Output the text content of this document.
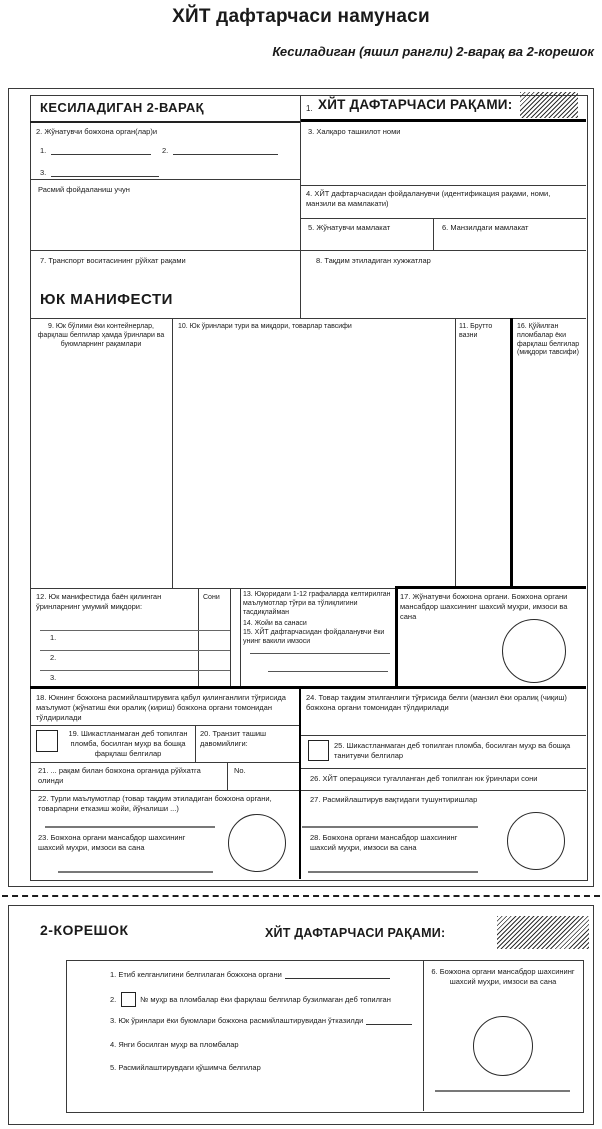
ХЙТ дафтарчаси намунаси
Кесиладиган (яшил рангли) 2-варақ ва 2-корешок
КЕСИЛАДИГАН 2-ВАРАҚ	1. ХЙТ ДАФТАРЧАСИ РАҚАМИ:
2. Жўнатувчи божхона орган(лар)и
1.	2.
3.
Расмий фойдаланиш учун
3. Халқаро ташкилот номи
4. ХЙТ дафтарчасидан фойдаланувчи (идентификация рақами, номи, манзили ва мамлакати)
5. Жўнатувчи мамлакат	6. Манзилдаги мамлакат
7. Транспорт воситасининг рўйхат рақами	8. Тақдим этиладиган хужжатлар
ЮК МАНИФЕСТИ
9. Юк бўлими ёки контейнерлар, фарқлаш белгилар ҳамда ўринлари ва буюмларнинг рақамлари
10. Юк ўринлари тури ва миқдори, товарлар тавсифи	11. Брутто вазни
16. Қўйилган пломбалар ёки фарқлаш белгилар (миқдори тавсифи)
12. Юк манифестида баён қилинган ўринларнинг умумий миқдори:
Сони
1.
2.
3.
13. Юқоридаги 1-12 графаларда келтирилган маълумотлар тўғри ва тўлиқлигини тасдиқлайман
14. Жойи ва санаси
15. ХЙТ дафтарчасидан фойдаланувчи ёки унинг вакили имзоси
17. Жўнатувчи божхона органи. Божхона органи мансабдор шахсининг шахсий муҳри, имзоси ва сана
18. Юкнинг божхона расмийлаштирувига қабул қилинганлиги тўғрисида маълумот (жўнатиш ёки оралиқ (кириш) божхона органи томонидан тўлдирилади
19. Шикастланмаган деб топилган пломба, босилган муҳр ва бошқа фарқлаш белгилар
20. Транзит ташиш давомийлиги:
21. ... рақам билан божхона органида рўйхатга олинди
No.
22. Турли маълумотлар (товар тақдим этиладиган божхона органи, товарларни етказиш жойи, йўналиши ...)
23. Божхона органи мансабдор шахсининг шахсий муҳри, имзоси ва сана
24. Товар тақдим этилганлиги тўғрисида белги (манзил ёки оралиқ (чиқиш) божхона органи томонидан тўлдирилади
25. Шикастланмаган деб топилган пломба, босилган муҳр ва бошқа танитувчи белгилар
26. ХЙТ операцияси тугалланган деб топилган юк ўринлари сони
27. Расмийлаштирув вақтидаги тушунтиришлар
28. Божхона органи мансабдор шахсининг шахсий муҳри, имзоси ва сана
2-КОРЕШОК	ХЙТ ДАФТАРЧАСИ РАҚАМИ:
1. Етиб келганлигини белгилаган божхона органи
2.	№ муҳр ва пломбалар ёки фарқлаш белгилар бузилмаган деб топилган
3. Юк ўринлари ёки буюмлари божхона расмийлаштирувидан ўтказилди
4. Янги босилган муҳр ва пломбалар
5. Расмийлаштирувдаги қўшимча белгилар
6. Божхона органи мансабдор шахсининг шахсий муҳри, имзоси ва сана
